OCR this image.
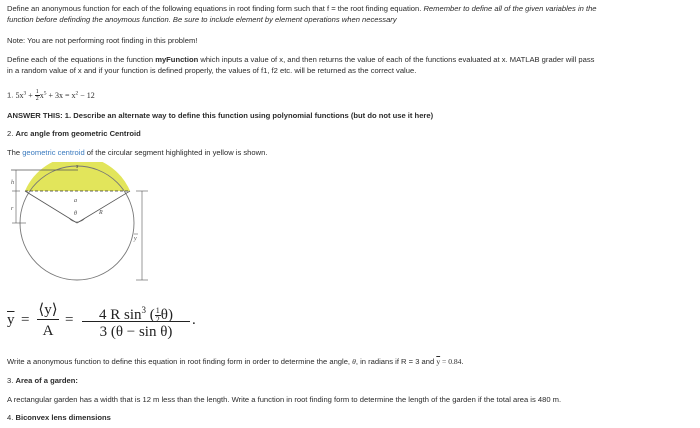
Define an anonymous function for each of the following equations in root finding form such that f = the root finding equation. Remember to define all of the given variables in the
function before definding the anoymous function. Be sure to include element by element operations when necessary
Note: You are not performing root finding in this problem!
Define each of the equations in the function myFunction which inputs a value of x, and then returns the value of each of the functions evaluated at x. MATLAB grader will pass
in a random value of x and if your function is defined properly, the values of f1, f2 etc. will be returned as the correct value.
1. $5x^3 + \frac{1}{2} x^5 + 3x = x^2 - 12$
ANSWER THIS: 1. Describe an alternate way to define this function using polynomial functions (but do not use it here)
2. Arc angle from geometric Centroid
The geometric centroid of the circular segment highlighted in yellow is shown.
s
h
r
a
θ	R
y
$\overline{y}$ =
⟨y⟩
A
=	4 R $\sin^3$ ( $\frac{1}{2} \theta$)
3 (θ − sin θ)
.
Write a anonymous function to define this equation in root finding form in order to determine the angle, θ, in radians if R = 3 and $\overline{y} = 0.84$.
3. Area of a garden:
A rectangular garden has a width that is 12 m less than the length. Write a function in root finding form to determine the length of the garden if the total area is 480 m.
4. Biconvex lens dimensions
